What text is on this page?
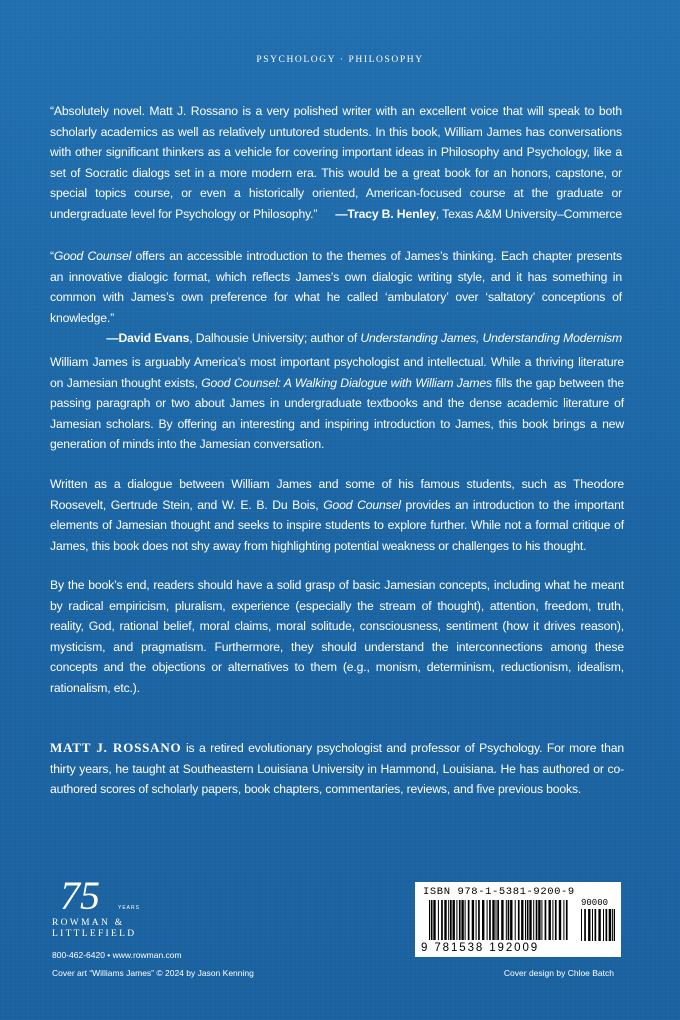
PSYCHOLOGY · PHILOSOPHY
“Absolutely novel. Matt J. Rossano is a very polished writer with an excellent voice that will speak to both scholarly academics as well as relatively untutored students. In this book, William James has conversations with other significant thinkers as a vehicle for covering important ideas in Philosophy and Psychology, like a set of Socratic dialogs set in a more modern era. This would be a great book for an honors, capstone, or special topics course, or even a historically oriented, American-focused course at the graduate or undergraduate level for Psychology or Philosophy.” —Tracy B. Henley, Texas A&M University–Commerce
“Good Counsel offers an accessible introduction to the themes of James’s thinking. Each chapter presents an innovative dialogic format, which reflects James’s own dialogic writing style, and it has something in common with James’s own preference for what he called ‘ambulatory’ over ‘saltatory’ conceptions of knowledge.”
—David Evans, Dalhousie University; author of Understanding James, Understanding Modernism
William James is arguably America’s most important psychologist and intellectual. While a thriving literature on Jamesian thought exists, Good Counsel: A Walking Dialogue with William James fills the gap between the passing paragraph or two about James in undergraduate textbooks and the dense academic literature of Jamesian scholars. By offering an interesting and inspiring introduction to James, this book brings a new generation of minds into the Jamesian conversation.
Written as a dialogue between William James and some of his famous students, such as Theodore Roosevelt, Gertrude Stein, and W. E. B. Du Bois, Good Counsel provides an introduction to the important elements of Jamesian thought and seeks to inspire students to explore further. While not a formal critique of James, this book does not shy away from highlighting potential weakness or challenges to his thought.
By the book’s end, readers should have a solid grasp of basic Jamesian concepts, including what he meant by radical empiricism, pluralism, experience (especially the stream of thought), attention, freedom, truth, reality, God, rational belief, moral claims, moral solitude, consciousness, sentiment (how it drives reason), mysticism, and pragmatism. Furthermore, they should understand the interconnections among these concepts and the objections or alternatives to them (e.g., monism, determinism, reductionism, idealism, rationalism, etc.).
MATT J. ROSSANO is a retired evolutionary psychologist and professor of Psychology. For more than thirty years, he taught at Southeastern Louisiana University in Hammond, Louisiana. He has authored or co-authored scores of scholarly papers, book chapters, commentaries, reviews, and five previous books.
75	YEARS
ROWMAN &
LITTLEFIELD
800-462-6420 • www.rowman.com
Cover art “Williams James” © 2024 by Jason Kenning	Cover design by Chloe Batch
ISBN 978-1-5381-9200-9
90000
9 781538 192009
